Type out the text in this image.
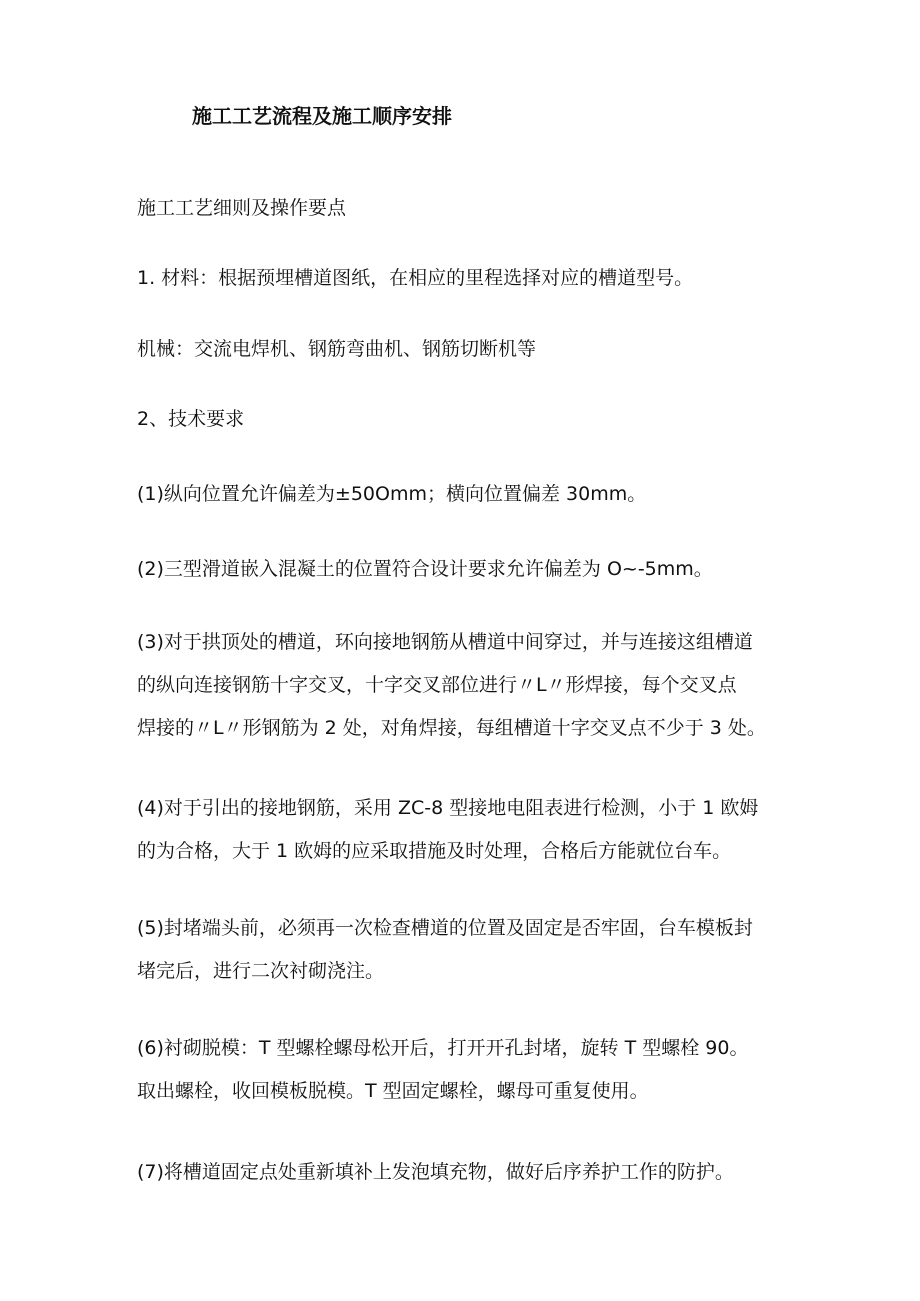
施工工艺流程及施工顺序安排
施工工艺细则及操作要点
1. 材料：根据预埋槽道图纸，在相应的里程选择对应的槽道型号。
机械：交流电焊机、钢筋弯曲机、钢筋切断机等
2、技术要求
(1)纵向位置允许偏差为±50Omm；横向位置偏差 30mm。
(2)三型滑道嵌入混凝土的位置符合设计要求允许偏差为 O~-5mm。
(3)对于拱顶处的槽道，环向接地钢筋从槽道中间穿过，并与连接这组槽道
的纵向连接钢筋十字交叉，十字交叉部位进行〃L〃形焊接，每个交叉点
焊接的〃L〃形钢筋为 2 处，对角焊接，每组槽道十字交叉点不少于 3 处。
(4)对于引出的接地钢筋，采用 ZC-8 型接地电阻表进行检测，小于 1 欧姆
的为合格，大于 1 欧姆的应采取措施及时处理，合格后方能就位台车。
(5)封堵端头前，必须再一次检查槽道的位置及固定是否牢固，台车模板封
堵完后，进行二次衬砌浇注。
(6)衬砌脱模：T 型螺栓螺母松开后，打开开孔封堵，旋转 T 型螺栓 90。
取出螺栓，收回模板脱模。T 型固定螺栓，螺母可重复使用。
(7)将槽道固定点处重新填补上发泡填充物，做好后序养护工作的防护。
